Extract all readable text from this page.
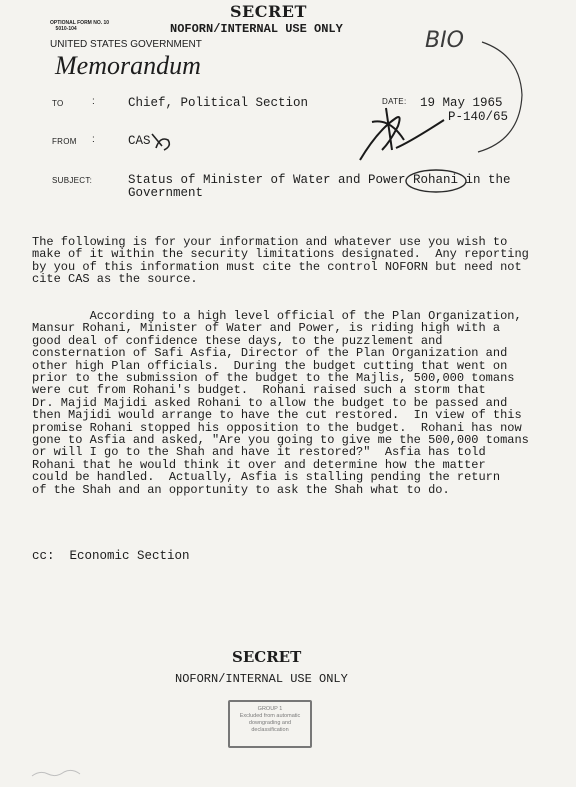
SECRET
NOFORN/INTERNAL USE ONLY
OPTIONAL FORM NO. 10
5010-104
UNITED STATES GOVERNMENT
Memorandum
BIO
TO	:	Chief, Political Section	DATE: 19 May 1965
P-140/65
FROM :	CAS
SUBJECT:	Status of Minister of Water and Power Rohani in the
Government
The following is for your information and whatever use you wish to
make of it within the security limitations designated.  Any reporting
by you of this information must cite the control NOFORN but need not
cite CAS as the source.
According to a high level official of the Plan Organization,
Mansur Rohani, Minister of Water and Power, is riding high with a
good deal of confidence these days, to the puzzlement and
consternation of Safi Asfia, Director of the Plan Organization and
other high Plan officials.  During the budget cutting that went on
prior to the submission of the budget to the Majlis, 500,000 tomans
were cut from Rohani's budget.  Rohani raised such a storm that
Dr. Majid Majidi asked Rohani to allow the budget to be passed and
then Majidi would arrange to have the cut restored.  In view of this
promise Rohani stopped his opposition to the budget.  Rohani has now
gone to Asfia and asked, "Are you going to give me the 500,000 tomans
or will I go to the Shah and have it restored?"  Asfia has told
Rohani that he would think it over and determine how the matter
could be handled.  Actually, Asfia is stalling pending the return
of the Shah and an opportunity to ask the Shah what to do.
cc:  Economic Section
SECRET
NOFORN/INTERNAL USE ONLY
GROUP 1
Excluded from automatic
downgrading and
declassification
